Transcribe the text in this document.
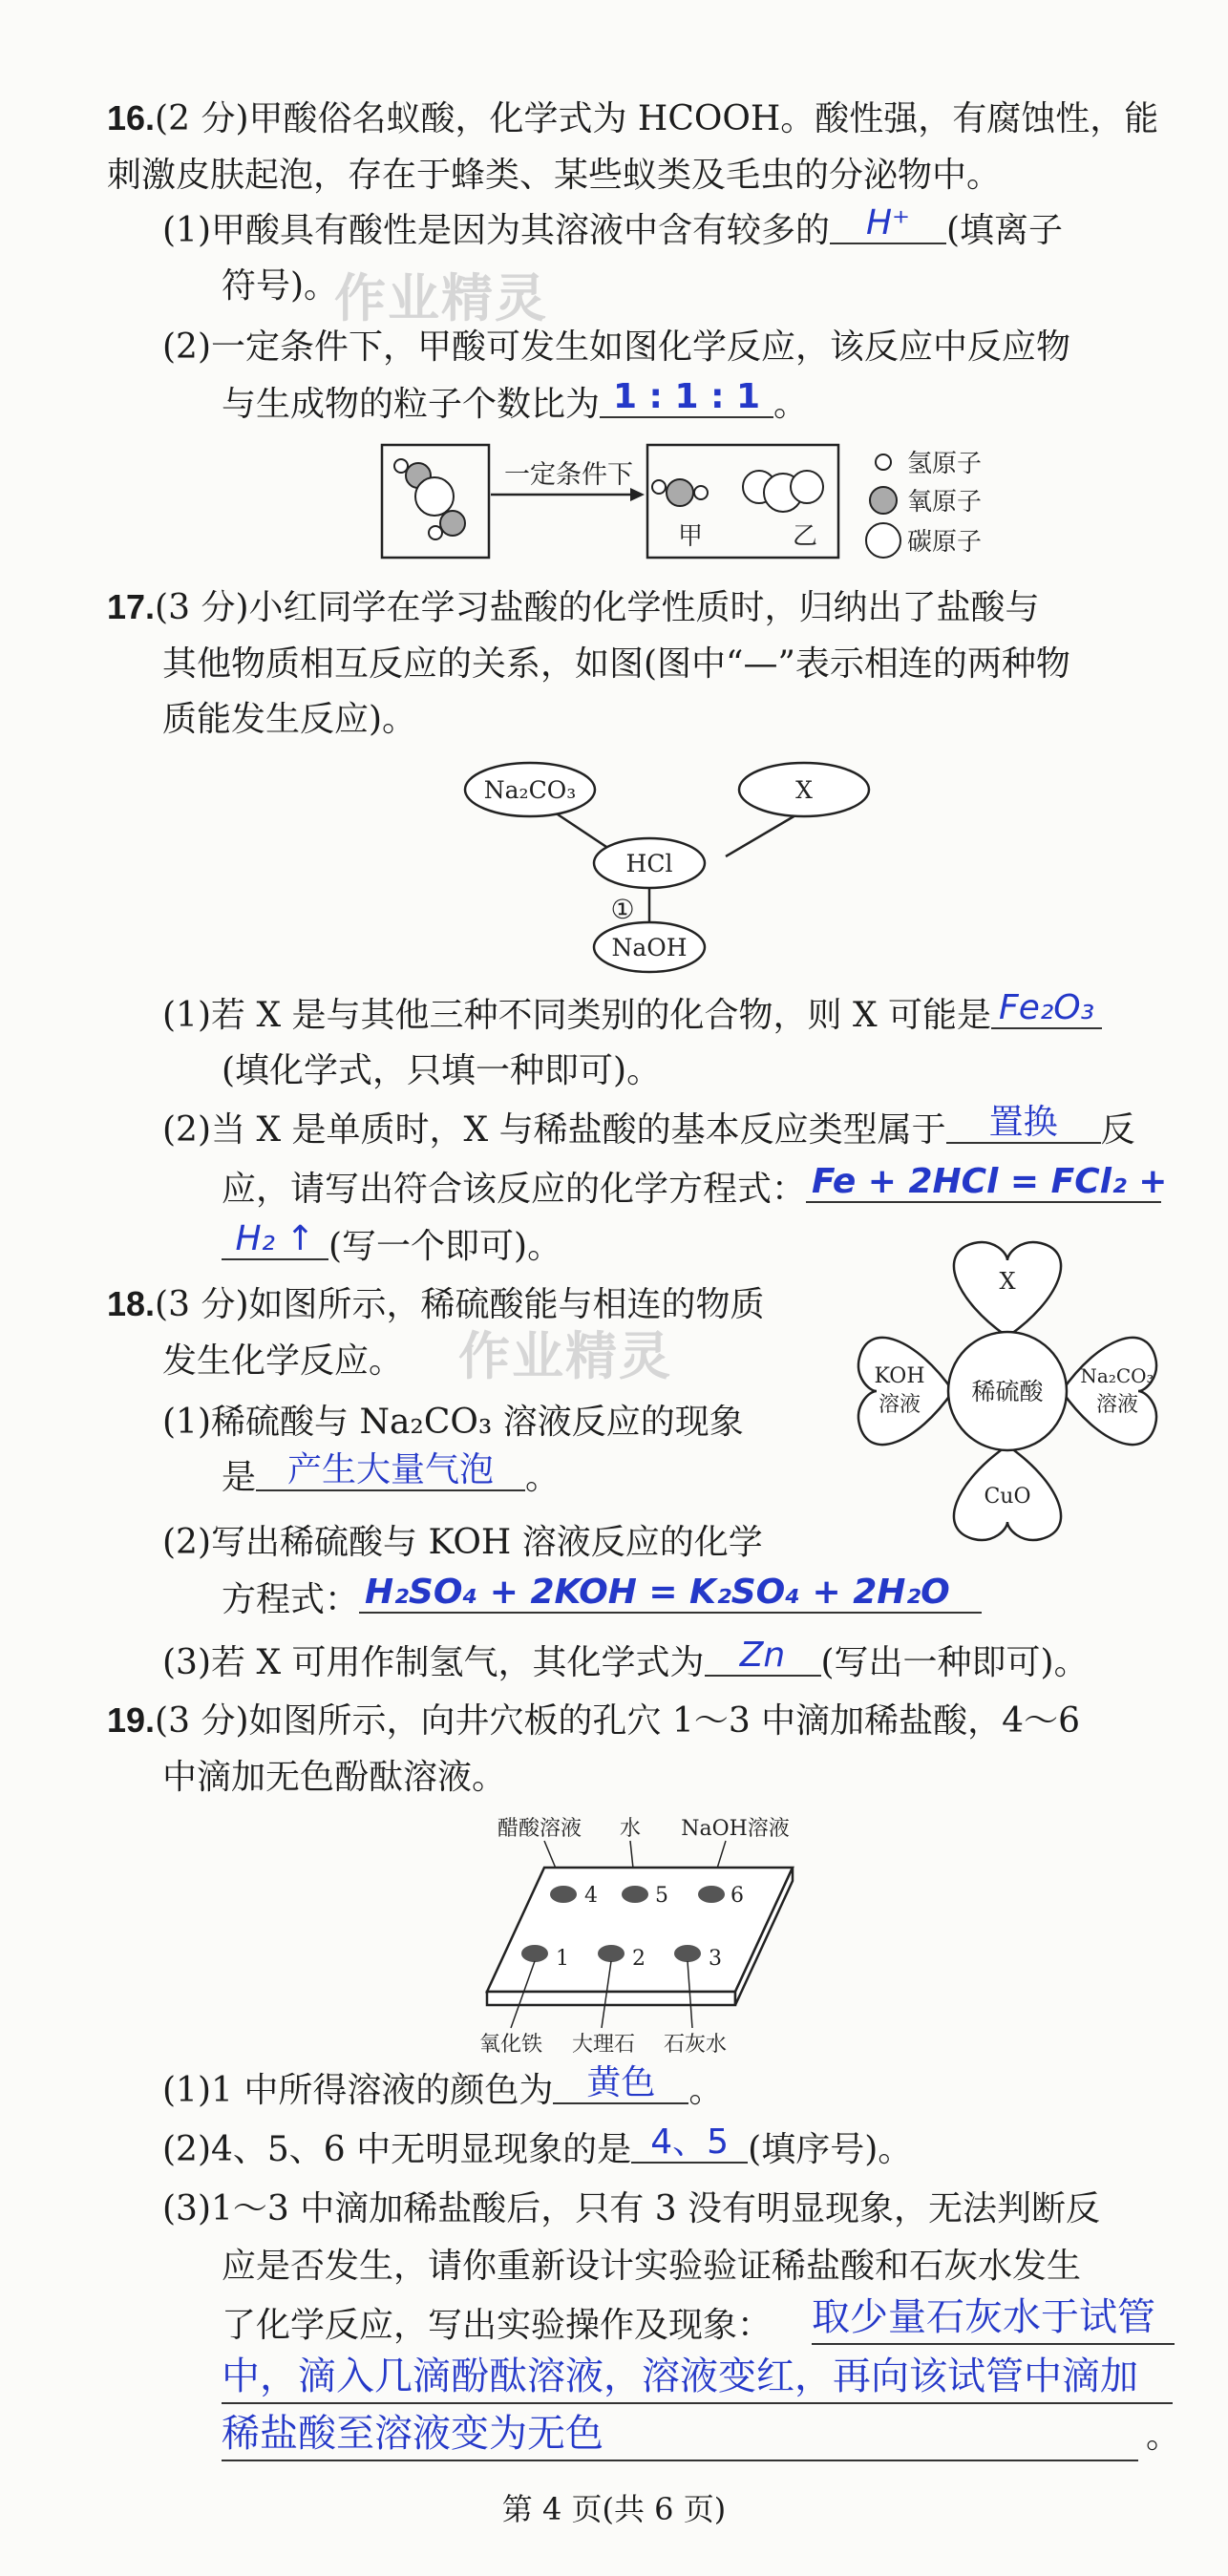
16.(2 分)甲酸俗名蚁酸，化学式为 HCOOH。酸性强，有腐蚀性，能
刺激皮肤起泡，存在于蜂类、某些蚁类及毛虫的分泌物中。
(1)甲酸具有酸性是因为其溶液中含有较多的 H⁺ (填离子
符号)。
作业精灵
(2)一定条件下，甲酸可发生如图化学反应，该反应中反应物
与生成物的粒子个数比为 1 : 1 : 1 。
一定条件下
甲	乙
氢原子
氧原子
碳原子
17.(3 分)小红同学在学习盐酸的化学性质时，归纳出了盐酸与
其他物质相互反应的关系，如图(图中“—”表示相连的两种物
质能发生反应)。
Na₂CO₃	X
HCl
①
NaOH
(1)若 X 是与其他三种不同类别的化合物，则 X 可能是 Fe₂O₃
(填化学式，只填一种即可)。
(2)当 X 是单质时，X 与稀盐酸的基本反应类型属于 置换 反
应，请写出符合该反应的化学方程式： Fe + 2HCl = FCl₂ +
H₂ ↑ (写一个即可)。
18.(3 分)如图所示，稀硫酸能与相连的物质
发生化学反应。 作业精灵
(1)稀硫酸与 Na₂CO₃ 溶液反应的现象
是 产生大量气泡 。
(2)写出稀硫酸与 KOH 溶液反应的化学
方程式： H₂SO₄ + 2KOH = K₂SO₄ + 2H₂O
(3)若 X 可用作制氢气，其化学式为 Zn (写出一种即可)。
X
KOH
溶液 稀硫酸
Na₂CO₃
溶液
CuO
19.(3 分)如图所示，向井穴板的孔穴 1～3 中滴加稀盐酸，4～6
中滴加无色酚酞溶液。
醋酸溶液 水 NaOH溶液
4	5	6
1	2	3
氧化铁 大理石 石灰水
(1)1 中所得溶液的颜色为 黄色 。
(2)4、5、6 中无明显现象的是 4、5 (填序号)。
(3)1～3 中滴加稀盐酸后，只有 3 没有明显现象，无法判断反
应是否发生，请你重新设计实验验证稀盐酸和石灰水发生
了化学反应，写出实验操作及现象： 取少量石灰水于试管
中，滴入几滴酚酞溶液，溶液变红，再向该试管中滴加
稀盐酸至溶液变为无色	。
第 4 页(共 6 页)
